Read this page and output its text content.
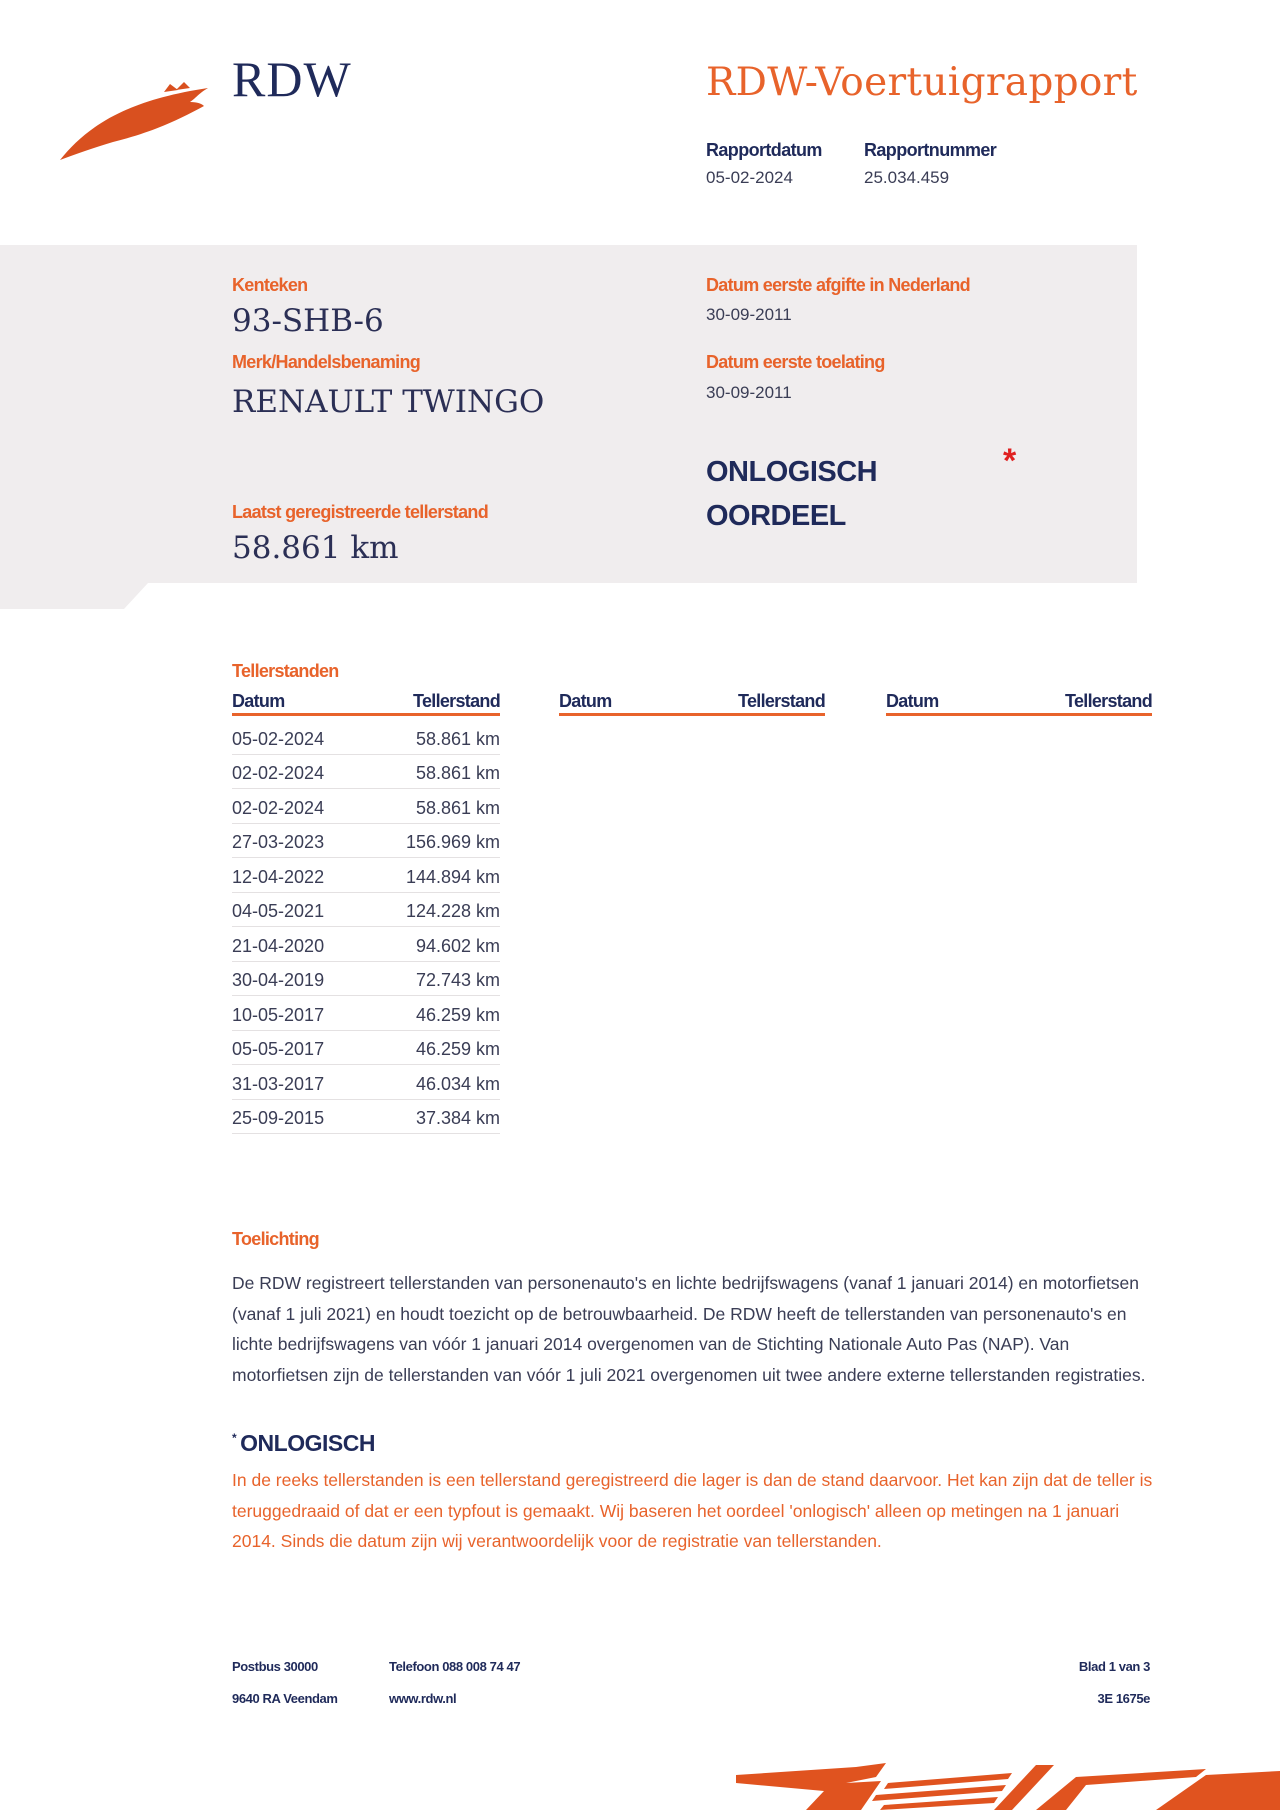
RDW	RDW-Voertuigrapport
Rapportdatum
05-02-2024
Rapportnummer
25.034.459
Kenteken
93-SHB-6
Merk/Handelsbenaming
RENAULT TWINGO
Datum eerste afgifte in Nederland
30-09-2011
Datum eerste toelating
30-09-2011
ONLOGISCH
OORDEEL
*
Laatst geregistreerde tellerstand
58.861 km
Tellerstanden
Datum	Tellerstand	Datum	Tellerstand	Datum	Tellerstand
05-02-2024	58.861 km
02-02-2024	58.861 km
02-02-2024	58.861 km
27-03-2023	156.969 km
12-04-2022	144.894 km
04-05-2021	124.228 km
21-04-2020	94.602 km
30-04-2019	72.743 km
10-05-2017	46.259 km
05-05-2017	46.259 km
31-03-2017	46.034 km
25-09-2015	37.384 km
Toelichting
De RDW registreert tellerstanden van personenauto's en lichte bedrijfswagens (vanaf 1 januari 2014) en motorfietsen (vanaf 1 juli 2021) en houdt toezicht op de betrouwbaarheid. De RDW heeft de tellerstanden van personenauto's en lichte bedrijfswagens van vóór 1 januari 2014 overgenomen van de Stichting Nationale Auto Pas (NAP). Van motorfietsen zijn de tellerstanden van vóór 1 juli 2021 overgenomen uit twee andere externe tellerstanden registraties.
* ONLOGISCH
In de reeks tellerstanden is een tellerstand geregistreerd die lager is dan de stand daarvoor. Het kan zijn dat de teller is teruggedraaid of dat er een typfout is gemaakt. Wij baseren het oordeel 'onlogisch' alleen op metingen na 1 januari 2014. Sinds die datum zijn wij verantwoordelijk voor de registratie van tellerstanden.
Postbus 30000
9640 RA Veendam
Telefoon 088 008 74 47
www.rdw.nl
Blad 1 van 3
3E 1675e
